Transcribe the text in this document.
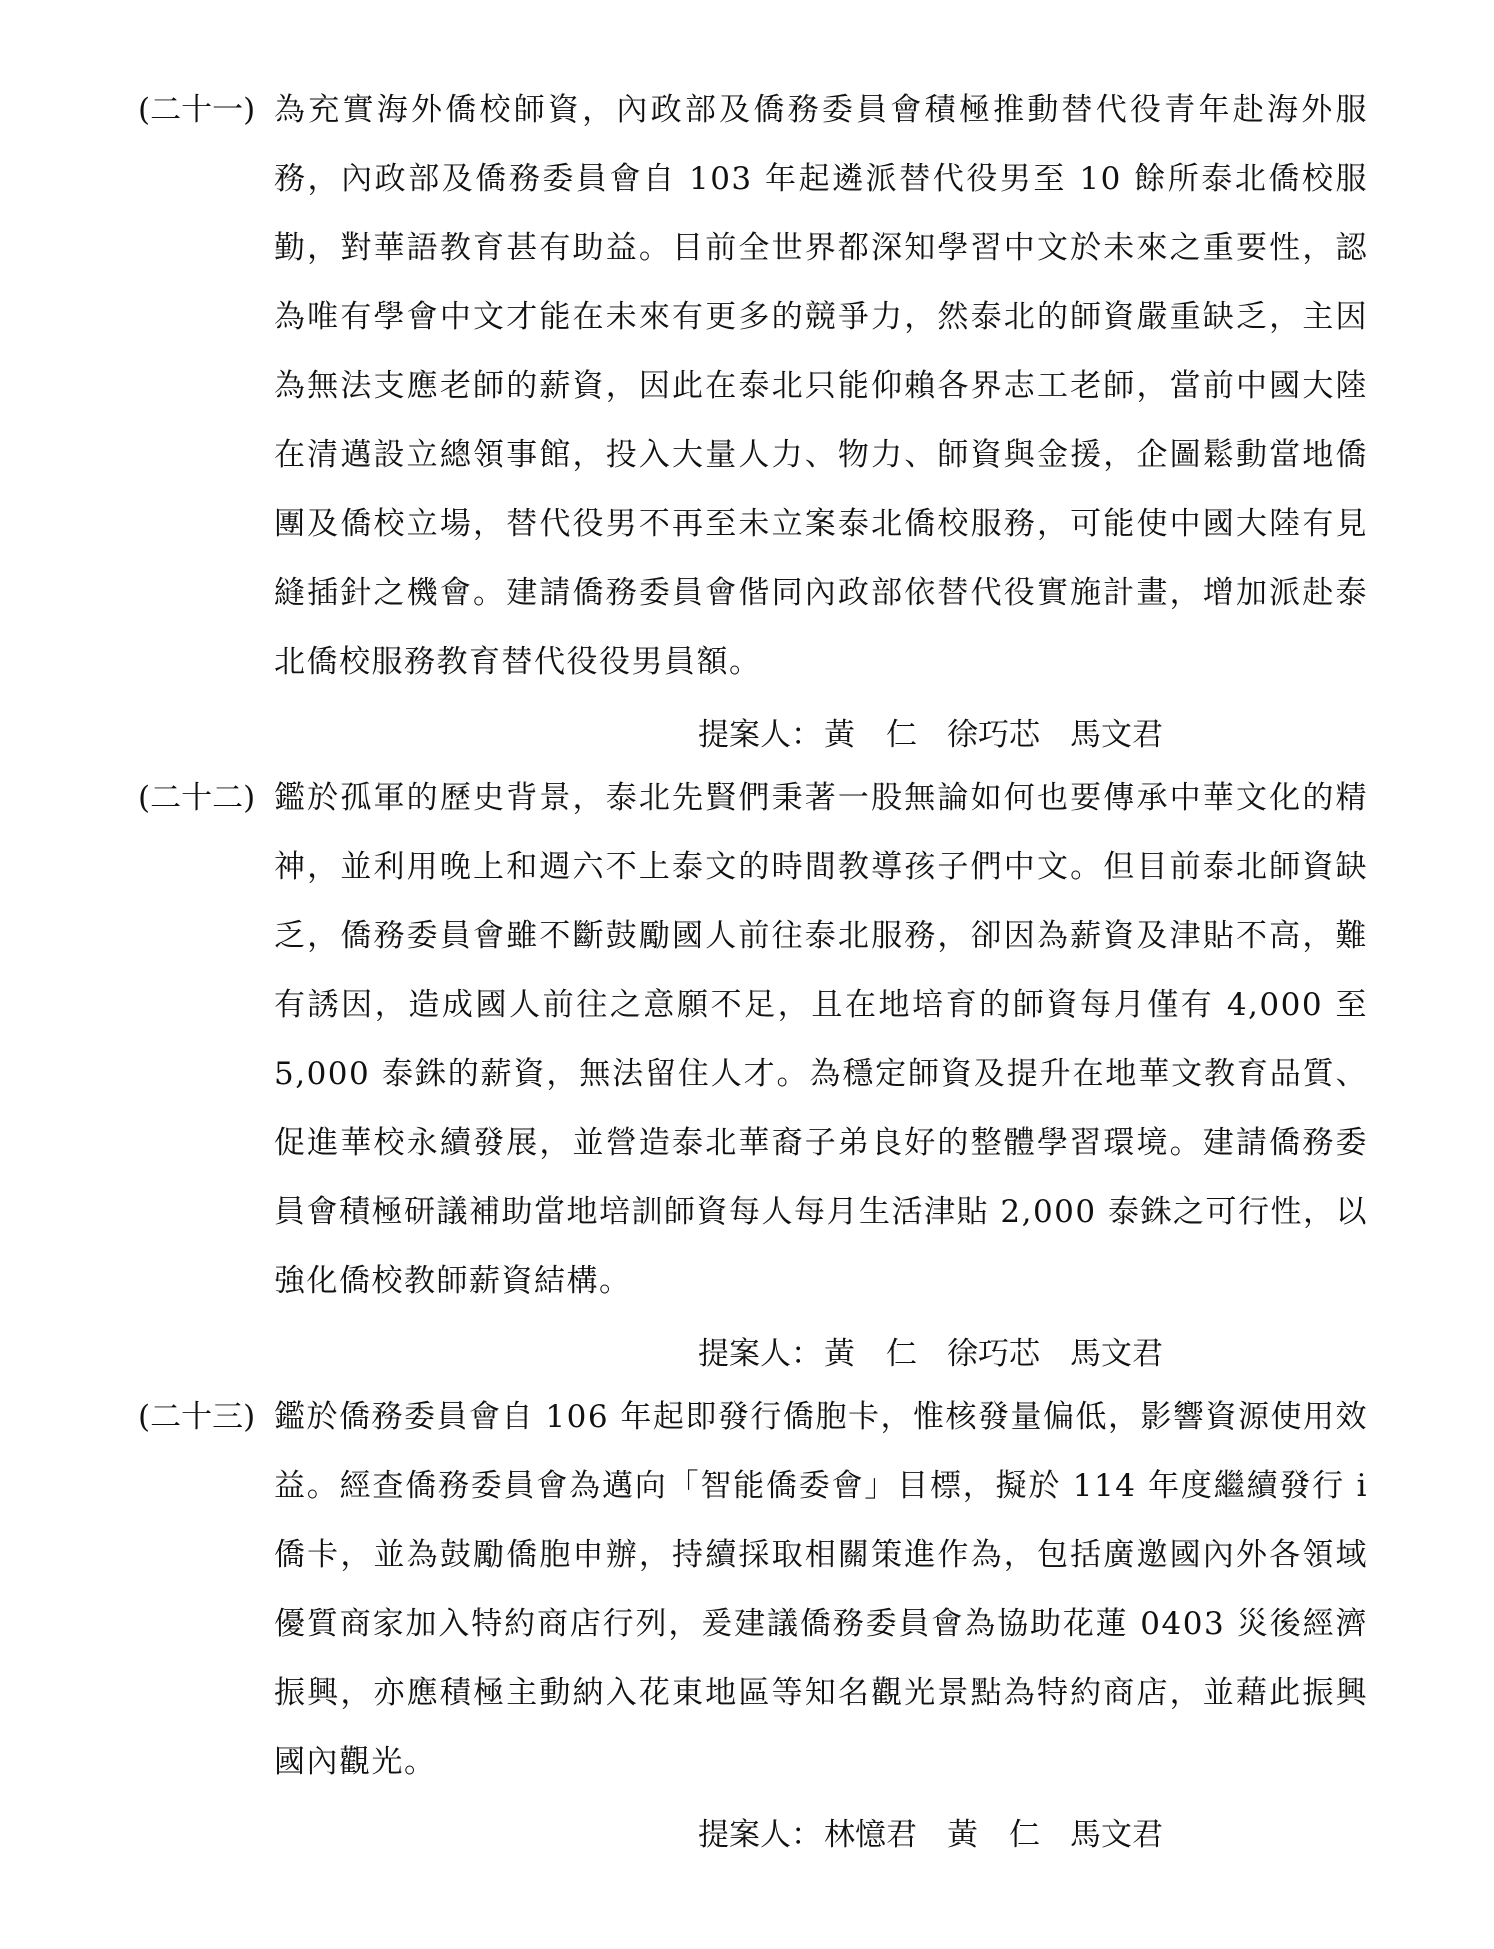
(二十一) 為充實海外僑校師資，內政部及僑務委員會積極推動替代役青年赴海外服務，內政部及僑務委員會自 103 年起遴派替代役男至 10 餘所泰北僑校服勤，對華語教育甚有助益。目前全世界都深知學習中文於未來之重要性，認為唯有學會中文才能在未來有更多的競爭力，然泰北的師資嚴重缺乏，主因為無法支應老師的薪資，因此在泰北只能仰賴各界志工老師，當前中國大陸在清邁設立總領事館，投入大量人力、物力、師資與金援，企圖鬆動當地僑團及僑校立場，替代役男不再至未立案泰北僑校服務，可能使中國大陸有見縫插針之機會。建請僑務委員會偕同內政部依替代役實施計畫，增加派赴泰北僑校服務教育替代役役男員額。
提案人：黃　仁 徐巧芯 馬文君
(二十二) 鑑於孤軍的歷史背景，泰北先賢們秉著一股無論如何也要傳承中華文化的精神，並利用晚上和週六不上泰文的時間教導孩子們中文。但目前泰北師資缺乏，僑務委員會雖不斷鼓勵國人前往泰北服務，卻因為薪資及津貼不高，難有誘因，造成國人前往之意願不足，且在地培育的師資每月僅有 4,000 至 5,000 泰銖的薪資，無法留住人才。為穩定師資及提升在地華文教育品質、促進華校永續發展，並營造泰北華裔子弟良好的整體學習環境。建請僑務委員會積極研議補助當地培訓師資每人每月生活津貼 2,000 泰銖之可行性，以強化僑校教師薪資結構。
提案人：黃　仁 徐巧芯 馬文君
(二十三) 鑑於僑務委員會自 106 年起即發行僑胞卡，惟核發量偏低，影響資源使用效益。經查僑務委員會為邁向「智能僑委會」目標，擬於 114 年度繼續發行 i 僑卡，並為鼓勵僑胞申辦，持續採取相關策進作為，包括廣邀國內外各領域優質商家加入特約商店行列，爰建議僑務委員會為協助花蓮 0403 災後經濟振興，亦應積極主動納入花東地區等知名觀光景點為特約商店，並藉此振興國內觀光。
提案人：林憶君 黃　仁 馬文君
